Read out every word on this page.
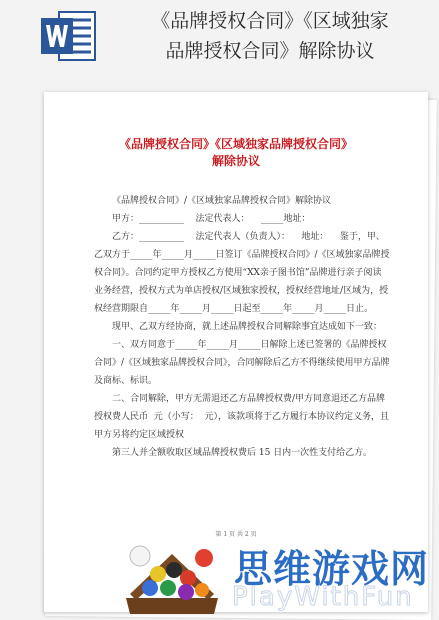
《品牌授权合同》《区域独家
品牌授权合同》解除协议
《品牌授权合同》《区域独家品牌授权合同》
解除协议

《品牌授权合同》/《区域独家品牌授权合同》解除协议

甲方：__________    法定代表人：    _____地址：

乙方：__________    法定代表人（负责人）：    地址：    鉴于，甲、乙双方于_____年_____月_____日签订《品牌授权合同》/《区域独家品牌授权合同》。合同约定甲方授权乙方使用“XX亲子图书馆”品牌进行亲子阅读业务经营，授权方式为单店授权/区域独家授权，授权经营地址/区域为，授权经营期限自_____年_____月_____日起至_____年_____月_____日止。

现甲、乙双方经协商，就上述品牌授权合同解除事宜达成如下一致：

一、双方同意于_____年_____月_____日解除上述已签署的《品牌授权合同》/《区域独家品牌授权合同》，合同解除后乙方不得继续使用甲方品牌及商标、标识。

二、合同解除，甲方无需退还乙方品牌授权费/甲方同意退还乙方品牌授权费人民币  元（小写：  元），该款项将于乙方履行本协议约定义务，且甲方另将约定区域授权

第三人并全额收取区域品牌授权费后 15 日内一次性支付给乙方。

第 1 页 共 2 页
思维游戏网
PlayWithFun
